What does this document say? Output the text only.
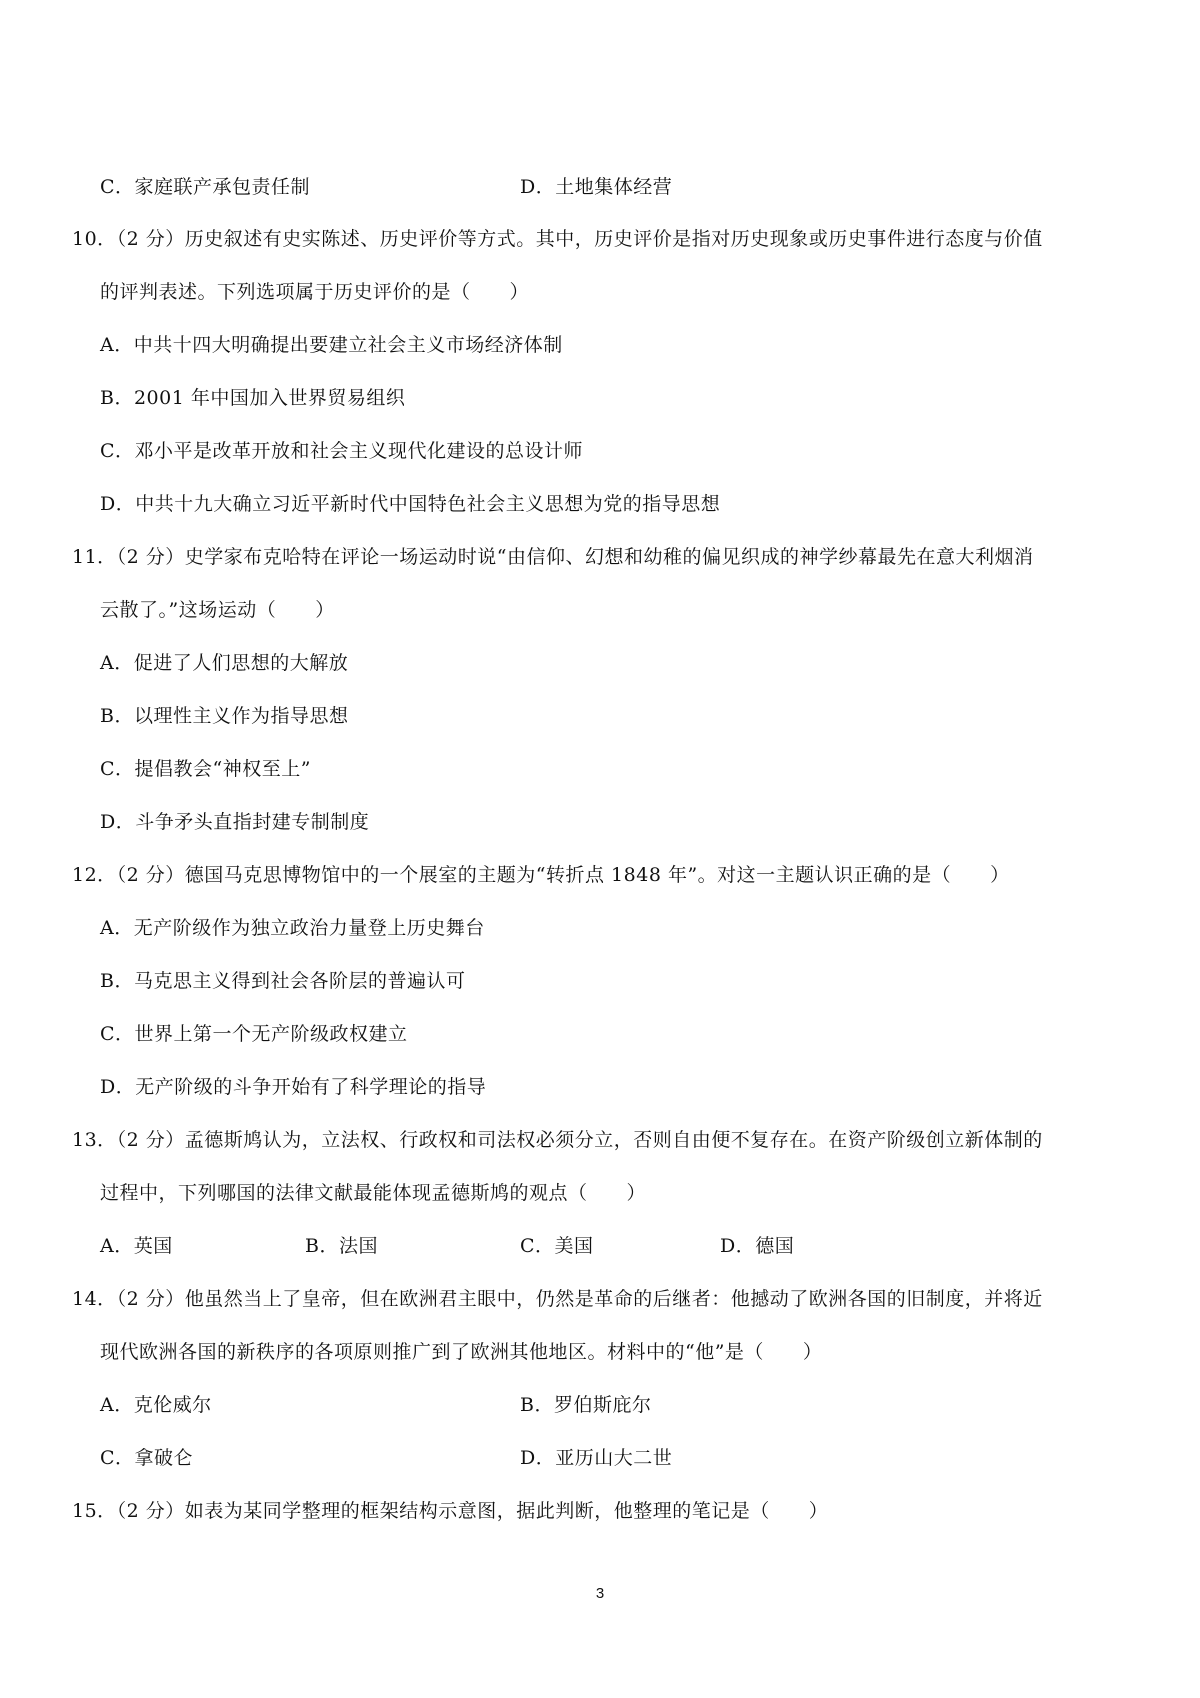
C．家庭联产承包责任制	D．土地集体经营
10．（2 分）历史叙述有史实陈述、历史评价等方式。其中，历史评价是指对历史现象或历史事件进行态度与价值
的评判表述。下列选项属于历史评价的是（　　）
A．中共十四大明确提出要建立社会主义市场经济体制
B．2001 年中国加入世界贸易组织
C．邓小平是改革开放和社会主义现代化建设的总设计师
D．中共十九大确立习近平新时代中国特色社会主义思想为党的指导思想
11．（2 分）史学家布克哈特在评论一场运动时说“由信仰、幻想和幼稚的偏见织成的神学纱幕最先在意大利烟消
云散了。”这场运动（　　）
A．促进了人们思想的大解放
B．以理性主义作为指导思想
C．提倡教会“神权至上”
D．斗争矛头直指封建专制制度
12．（2 分）德国马克思博物馆中的一个展室的主题为“转折点 1848 年”。对这一主题认识正确的是（　　）
A．无产阶级作为独立政治力量登上历史舞台
B．马克思主义得到社会各阶层的普遍认可
C．世界上第一个无产阶级政权建立
D．无产阶级的斗争开始有了科学理论的指导
13．（2 分）孟德斯鸠认为，立法权、行政权和司法权必须分立，否则自由便不复存在。在资产阶级创立新体制的
过程中，下列哪国的法律文献最能体现孟德斯鸠的观点（　　）
A．英国	B．法国	C．美国	D．德国
14．（2 分）他虽然当上了皇帝，但在欧洲君主眼中，仍然是革命的后继者：他撼动了欧洲各国的旧制度，并将近
现代欧洲各国的新秩序的各项原则推广到了欧洲其他地区。材料中的“他”是（　　）
A．克伦威尔	B．罗伯斯庇尔
C．拿破仑	D．亚历山大二世
15．（2 分）如表为某同学整理的框架结构示意图，据此判断，他整理的笔记是（　　）
3
